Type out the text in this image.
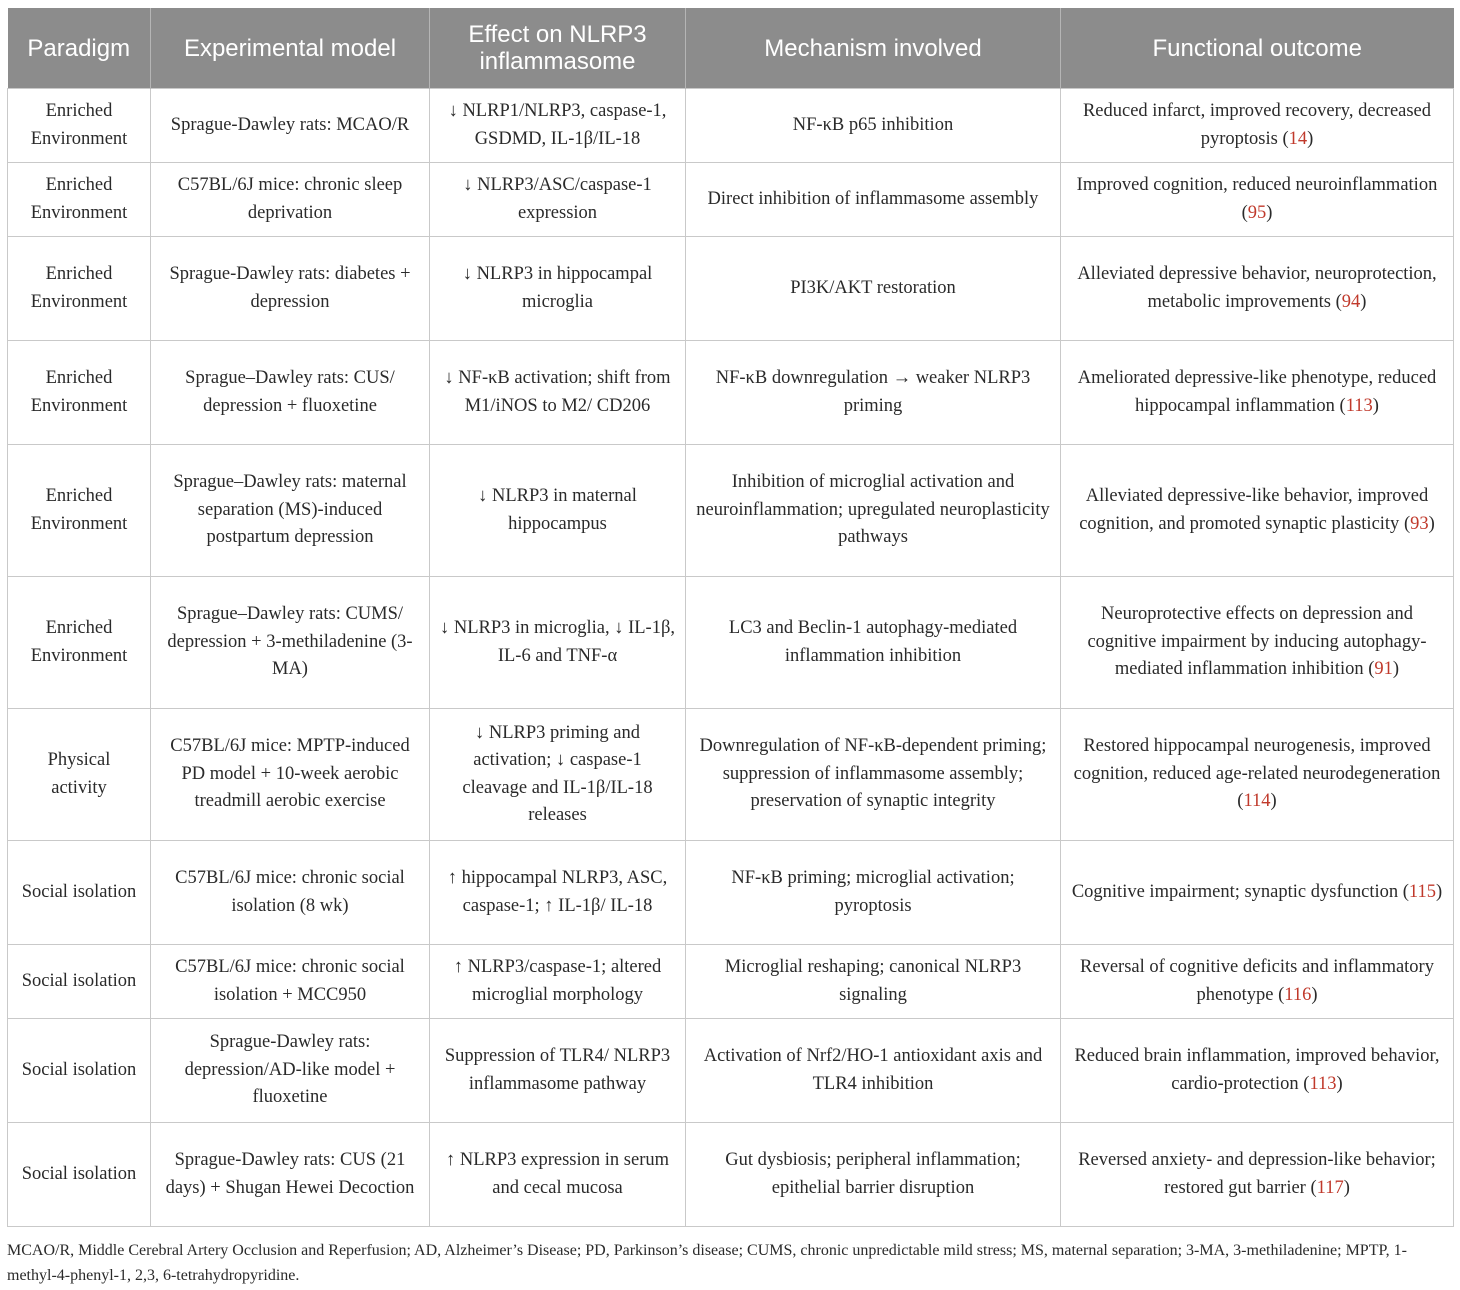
Paradigm	Experimental model	Effect on NLRP3 inflammasome	Mechanism involved	Functional outcome
Enriched Environment	Sprague-Dawley rats: MCAO/R	↓ NLRP1/NLRP3, caspase-1, GSDMD, IL-1β/IL-18	NF-κB p65 inhibition	Reduced infarct, improved recovery, decreased pyroptosis (14)
Enriched Environment	C57BL/6J mice: chronic sleep deprivation	↓ NLRP3/ASC/caspase-1 expression	Direct inhibition of inflammasome assembly	Improved cognition, reduced neuroinflammation (95)
Enriched Environment	Sprague-Dawley rats: diabetes + depression	↓ NLRP3 in hippocampal microglia	PI3K/AKT restoration	Alleviated depressive behavior, neuroprotection, metabolic improvements (94)
Enriched Environment	Sprague–Dawley rats: CUS/ depression + fluoxetine	↓ NF-κB activation; shift from M1/iNOS to M2/ CD206	NF-κB downregulation → weaker NLRP3 priming	Ameliorated depressive-like phenotype, reduced hippocampal inflammation (113)
Enriched Environment	Sprague–Dawley rats: maternal separation (MS)-induced postpartum depression	↓ NLRP3 in maternal hippocampus	Inhibition of microglial activation and neuroinflammation; upregulated neuroplasticity pathways	Alleviated depressive-like behavior, improved cognition, and promoted synaptic plasticity (93)
Enriched Environment	Sprague–Dawley rats: CUMS/ depression + 3-methiladenine (3-MA)	↓ NLRP3 in microglia, ↓ IL-1β, IL-6 and TNF-α	LC3 and Beclin-1 autophagy-mediated inflammation inhibition	Neuroprotective effects on depression and cognitive impairment by inducing autophagy-mediated inflammation inhibition (91)
Physical activity	C57BL/6J mice: MPTP-induced PD model + 10-week aerobic treadmill aerobic exercise	↓ NLRP3 priming and activation; ↓ caspase-1 cleavage and IL-1β/IL-18 releases	Downregulation of NF-κB-dependent priming; suppression of inflammasome assembly; preservation of synaptic integrity	Restored hippocampal neurogenesis, improved cognition, reduced age-related neurodegeneration (114)
Social isolation	C57BL/6J mice: chronic social isolation (8 wk)	↑ hippocampal NLRP3, ASC, caspase-1; ↑ IL-1β/ IL-18	NF-κB priming; microglial activation; pyroptosis	Cognitive impairment; synaptic dysfunction (115)
Social isolation	C57BL/6J mice: chronic social isolation + MCC950	↑ NLRP3/caspase-1; altered microglial morphology	Microglial reshaping; canonical NLRP3 signaling	Reversal of cognitive deficits and inflammatory phenotype (116)
Social isolation	Sprague-Dawley rats: depression/AD-like model + fluoxetine	Suppression of TLR4/ NLRP3 inflammasome pathway	Activation of Nrf2/HO-1 antioxidant axis and TLR4 inhibition	Reduced brain inflammation, improved behavior, cardio-protection (113)
Social isolation	Sprague-Dawley rats: CUS (21 days) + Shugan Hewei Decoction	↑ NLRP3 expression in serum and cecal mucosa	Gut dysbiosis; peripheral inflammation; epithelial barrier disruption	Reversed anxiety- and depression-like behavior; restored gut barrier (117)
MCAO/R, Middle Cerebral Artery Occlusion and Reperfusion; AD, Alzheimer’s Disease; PD, Parkinson’s disease; CUMS, chronic unpredictable mild stress; MS, maternal separation; 3-MA, 3-methiladenine; MPTP, 1-methyl-4-phenyl-1, 2,3, 6-tetrahydropyridine.
